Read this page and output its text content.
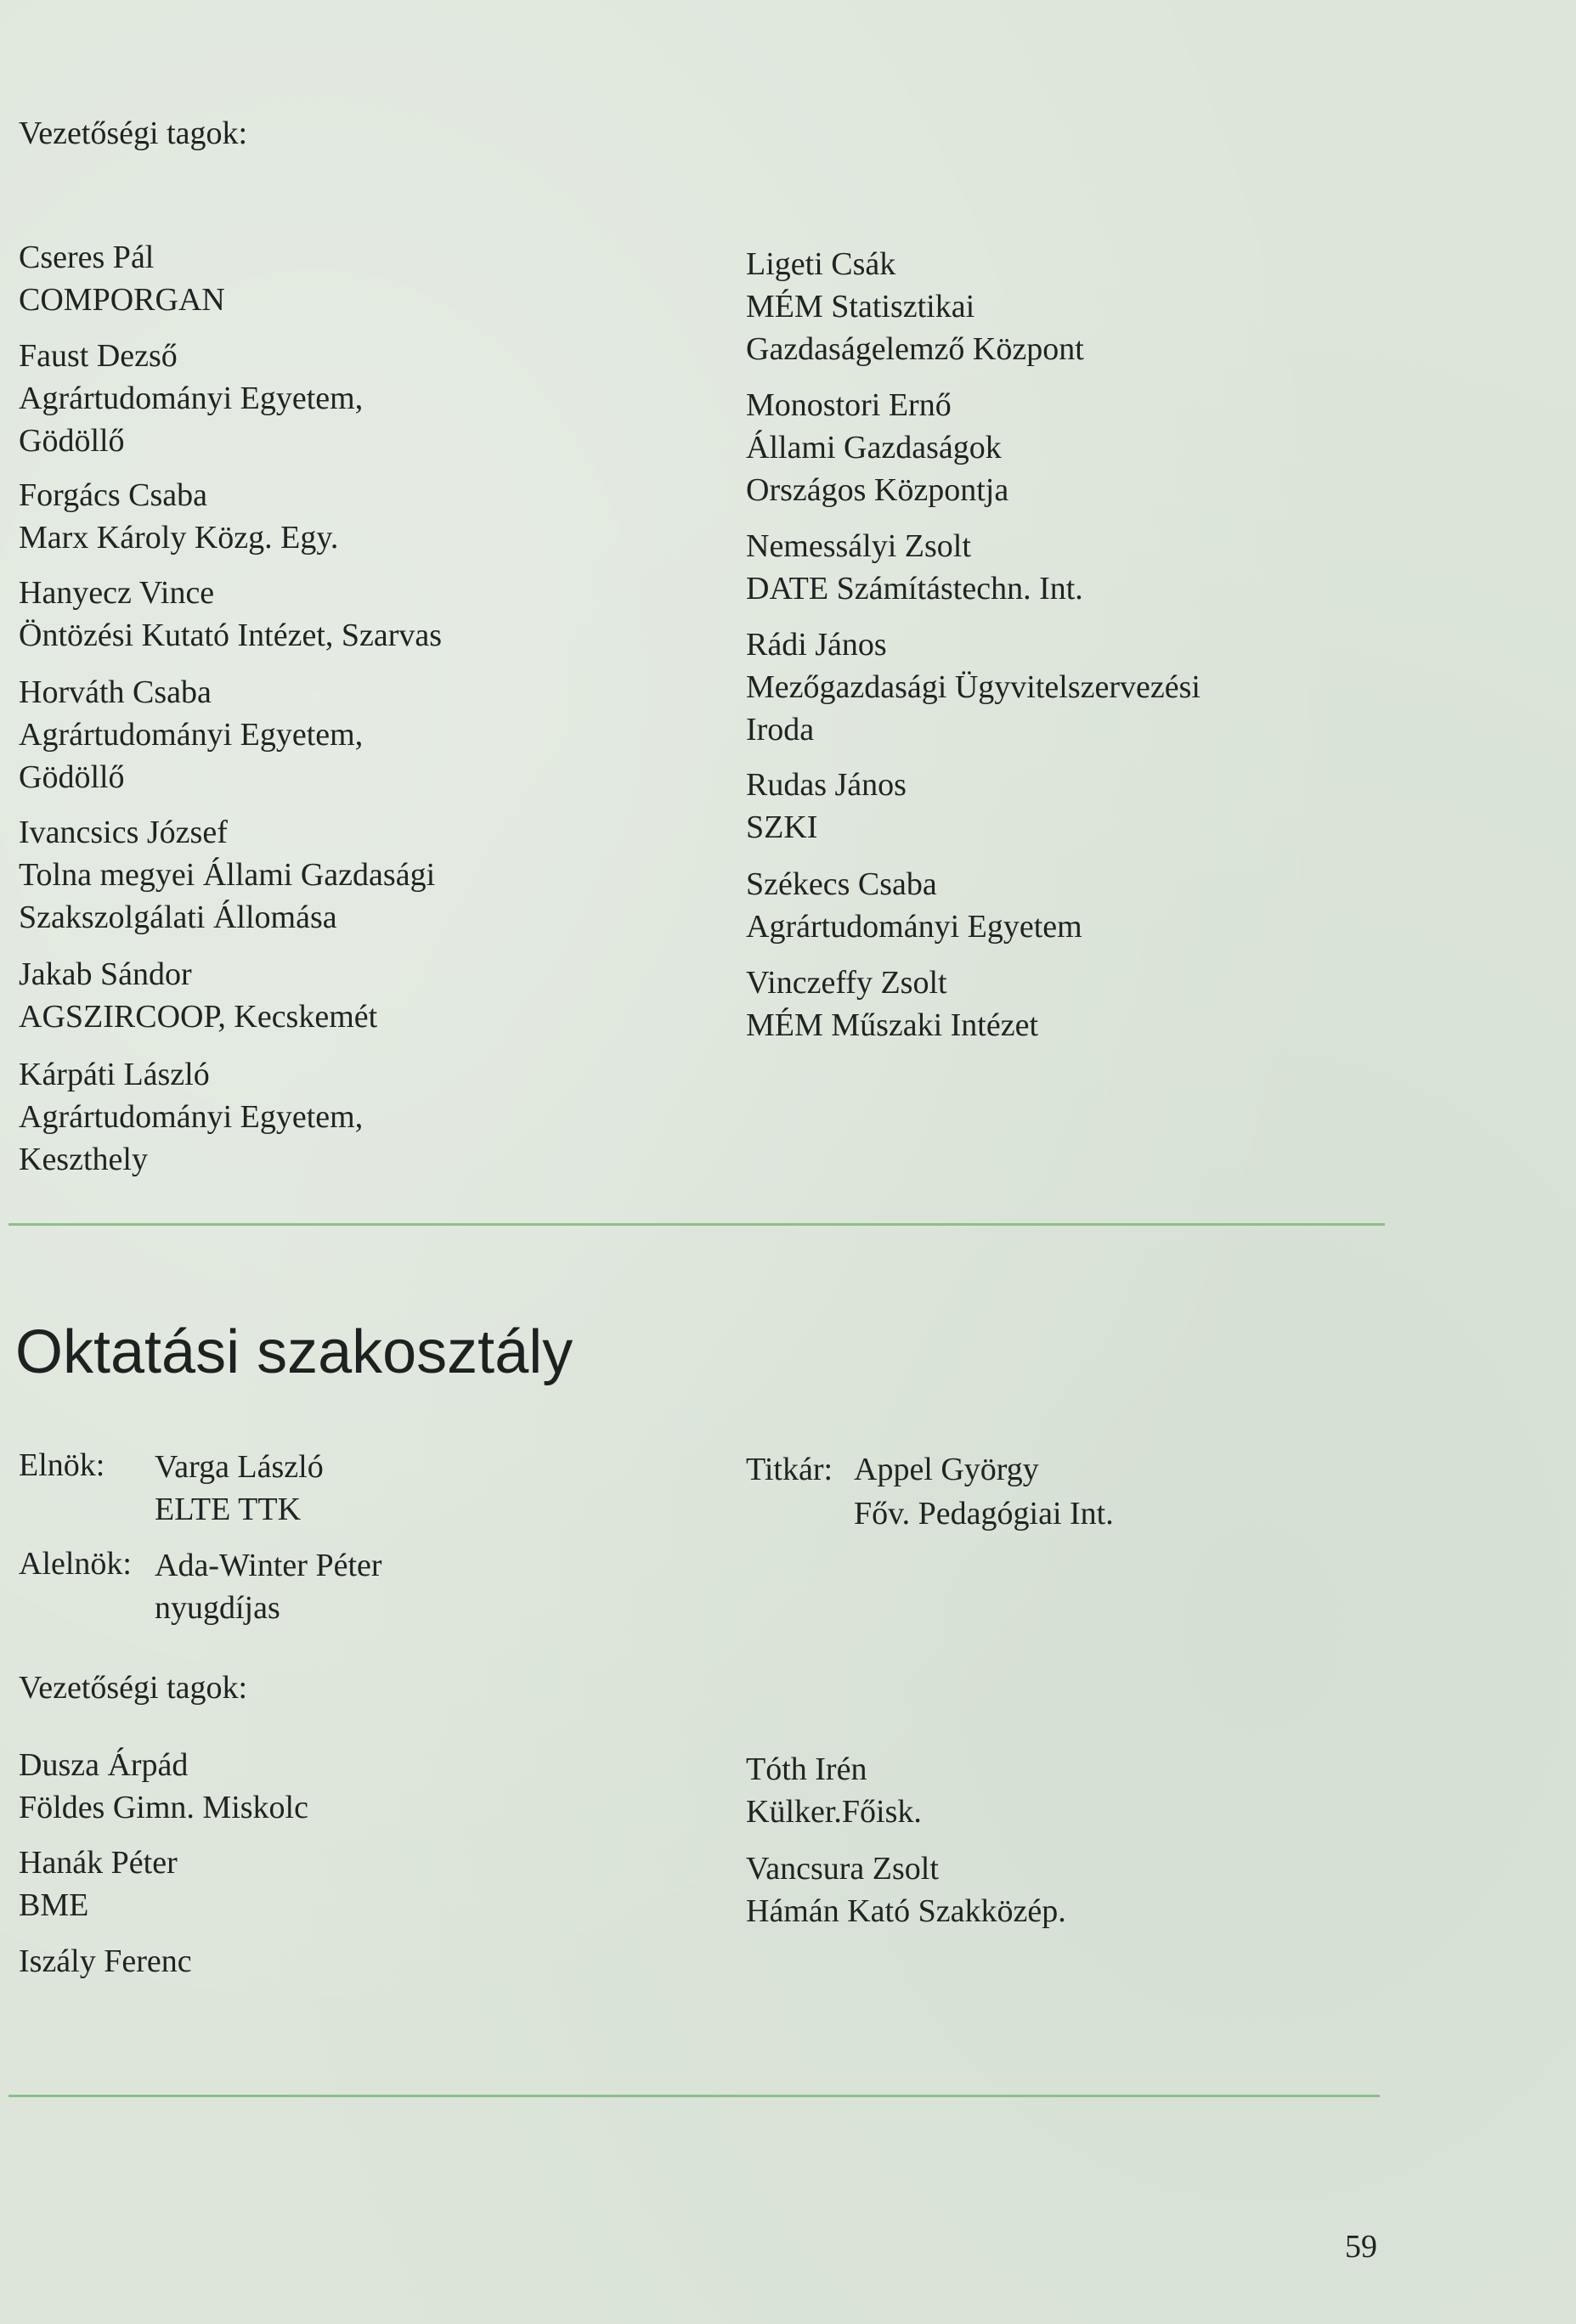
Vezetőségi tagok:
Cseres Pál
COMPORGAN
Faust Dezső
Agrártudományi Egyetem,
Gödöllő
Forgács Csaba
Marx Károly Közg. Egy.
Hanyecz Vince
Öntözési Kutató Intézet, Szarvas
Horváth Csaba
Agrártudományi Egyetem,
Gödöllő
Ivancsics József
Tolna megyei Állami Gazdasági
Szakszolgálati Állomása
Jakab Sándor
AGSZIRCOOP, Kecskemét
Kárpáti László
Agrártudományi Egyetem,
Keszthely
Ligeti Csák
MÉM Statisztikai
Gazdaságelemző Központ
Monostori Ernő
Állami Gazdaságok
Országos Központja
Nemessályi Zsolt
DATE Számítástechn. Int.
Rádi János
Mezőgazdasági Ügyvitelszervezési
Iroda
Rudas János
SZKI
Székecs Csaba
Agrártudományi Egyetem
Vinczeffy Zsolt
MÉM Műszaki Intézet
Oktatási szakosztály
Elnök: Varga László
ELTE TTK
Alelnök: Ada-Winter Péter
nyugdíjas
Titkár: Appel György
Főv. Pedagógiai Int.
Vezetőségi tagok:
Dusza Árpád
Földes Gimn. Miskolc
Hanák Péter
BME
Iszály Ferenc
Tóth Irén
Külker.Főisk.
Vancsura Zsolt
Hámán Kató Szakközép.
59
